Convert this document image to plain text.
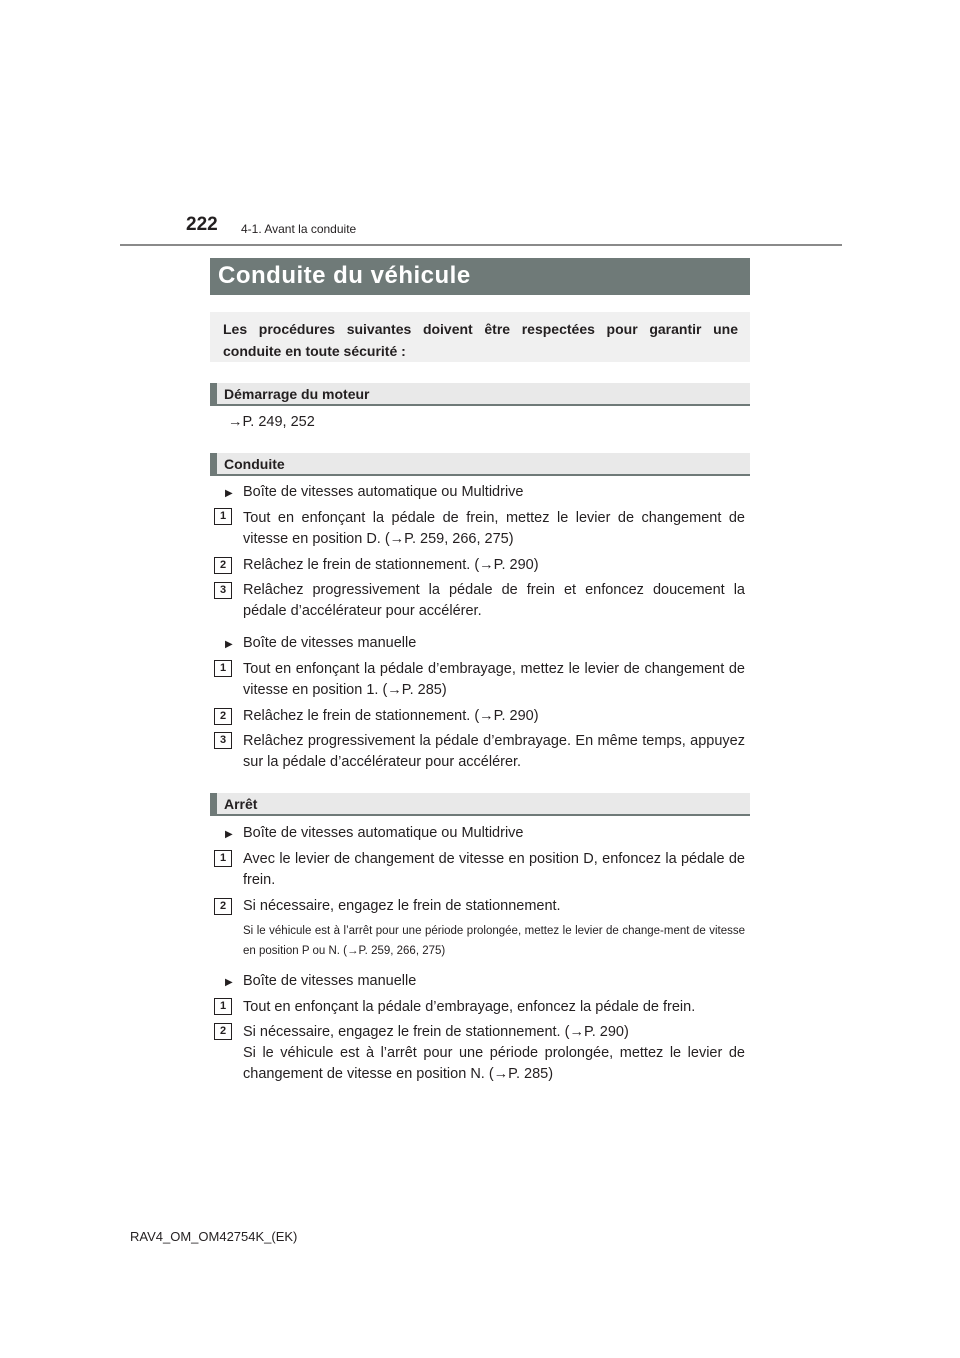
222 4-1. Avant la conduite
Conduite du véhicule
Les procédures suivantes doivent être respectées pour garantir une conduite en toute sécurité :
Démarrage du moteur
→P. 249, 252
Conduite
▶ Boîte de vitesses automatique ou Multidrive
1	Tout en enfonçant la pédale de frein, mettez le levier de changement de vitesse en position D. (→P. 259, 266, 275)
2	Relâchez le frein de stationnement. (→P. 290)
3	Relâchez progressivement la pédale de frein et enfoncez doucement la pédale d’accélérateur pour accélérer.
▶ Boîte de vitesses manuelle
1	Tout en enfonçant la pédale d’embrayage, mettez le levier de changement de vitesse en position 1. (→P. 285)
2	Relâchez le frein de stationnement. (→P. 290)
3	Relâchez progressivement la pédale d’embrayage. En même temps, appuyez sur la pédale d’accélérateur pour accélérer.
Arrêt
▶ Boîte de vitesses automatique ou Multidrive
1	Avec le levier de changement de vitesse en position D, enfoncez la pédale de frein.
2	Si nécessaire, engagez le frein de stationnement.
Si le véhicule est à l’arrêt pour une période prolongée, mettez le levier de change-ment de vitesse en position P ou N. (→P. 259, 266, 275)
▶ Boîte de vitesses manuelle
1	Tout en enfonçant la pédale d’embrayage, enfoncez la pédale de frein.
2	Si nécessaire, engagez le frein de stationnement. (→P. 290)
Si le véhicule est à l’arrêt pour une période prolongée, mettez le levier de changement de vitesse en position N. (→P. 285)
RAV4_OM_OM42754K_(EK)
